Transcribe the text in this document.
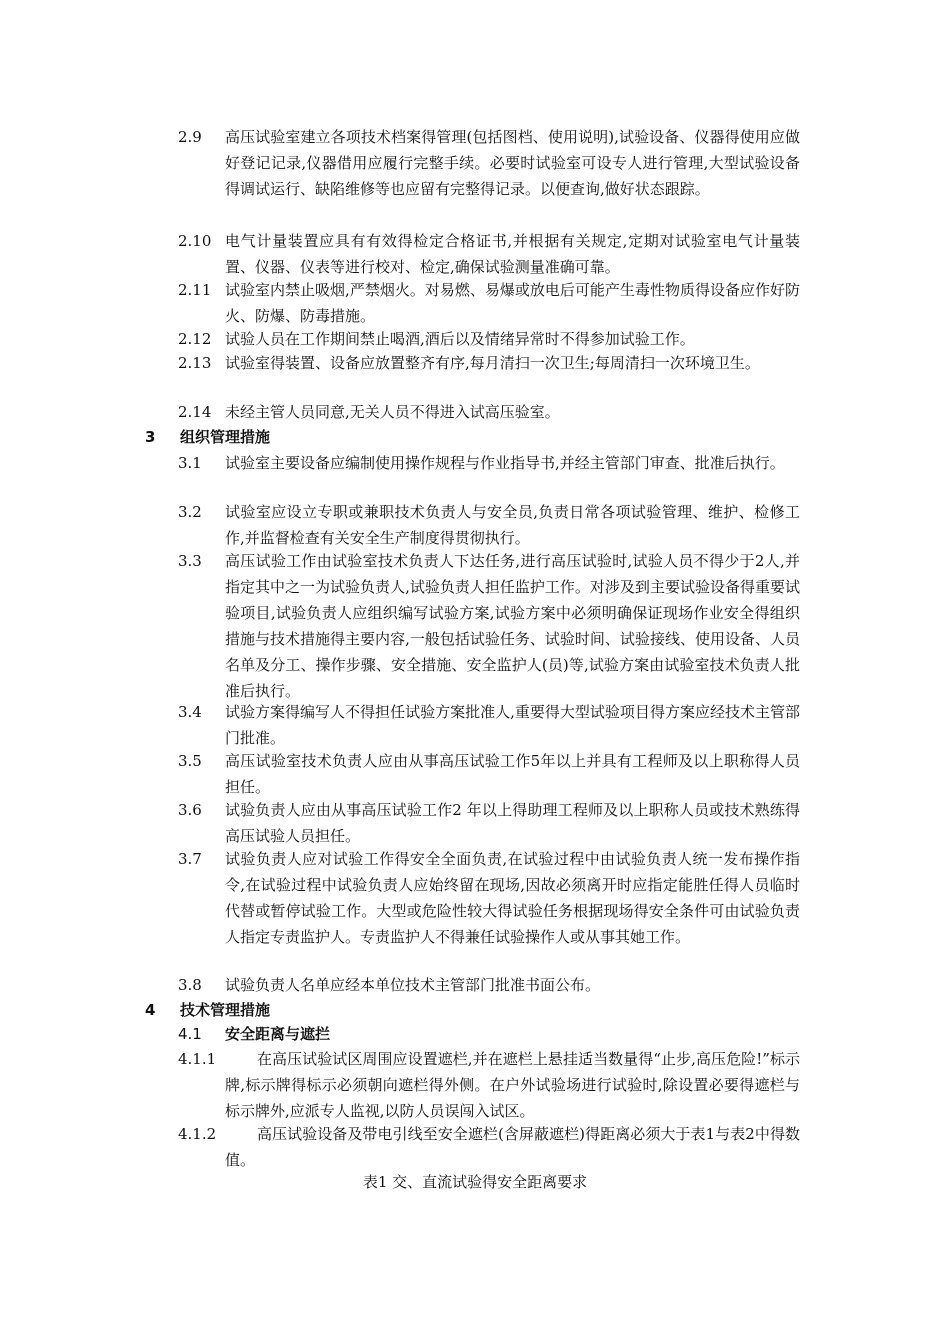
2.9 高压试验室建立各项技术档案得管理(包括图档、使用说明),试验设备、仪器得使用应做好登记记录,仪器借用应履行完整手续。必要时试验室可设专人进行管理,大型试验设备得调试运行、缺陷维修等也应留有完整得记录。以便查询,做好状态跟踪。
2.10 电气计量装置应具有有效得检定合格证书,并根据有关规定,定期对试验室电气计量装置、仪器、仪表等进行校对、检定,确保试验测量准确可靠。
2.11 试验室内禁止吸烟,严禁烟火。对易燃、易爆或放电后可能产生毒性物质得设备应作好防火、防爆、防毒措施。
2.12 试验人员在工作期间禁止喝酒,酒后以及情绪异常时不得参加试验工作。
2.13 试验室得装置、设备应放置整齐有序,每月清扫一次卫生;每周清扫一次环境卫生。
2.14 未经主管人员同意,无关人员不得进入试高压验室。
3 组织管理措施
3.1 试验室主要设备应编制使用操作规程与作业指导书,并经主管部门审查、批准后执行。
3.2 试验室应设立专职或兼职技术负责人与安全员,负责日常各项试验管理、维护、检修工作,并监督检查有关安全生产制度得贯彻执行。
3.3 高压试验工作由试验室技术负责人下达任务,进行高压试验时,试验人员不得少于2人,并指定其中之一为试验负责人,试验负责人担任监护工作。对涉及到主要试验设备得重要试验项目,试验负责人应组织编写试验方案,试验方案中必须明确保证现场作业安全得组织措施与技术措施得主要内容,一般包括试验任务、试验时间、试验接线、使用设备、人员名单及分工、操作步骤、安全措施、安全监护人(员)等,试验方案由试验室技术负责人批准后执行。
3.4 试验方案得编写人不得担任试验方案批准人,重要得大型试验项目得方案应经技术主管部门批准。
3.5 高压试验室技术负责人应由从事高压试验工作5年以上并具有工程师及以上职称得人员担任。
3.6 试验负责人应由从事高压试验工作2 年以上得助理工程师及以上职称人员或技术熟练得高压试验人员担任。
3.7 试验负责人应对试验工作得安全全面负责,在试验过程中由试验负责人统一发布操作指令,在试验过程中试验负责人应始终留在现场,因故必须离开时应指定能胜任得人员临时代替或暂停试验工作。大型或危险性较大得试验任务根据现场得安全条件可由试验负责人指定专责监护人。专责监护人不得兼任试验操作人或从事其她工作。
3.8 试验负责人名单应经本单位技术主管部门批准书面公布。
4 技术管理措施
4.1 安全距离与遮拦
4.1.1	在高压试验试区周围应设置遮栏,并在遮栏上悬挂适当数量得“止步,高压危险!”标示牌,标示牌得标示必须朝向遮栏得外侧。在户外试验场进行试验时,除设置必要得遮栏与标示牌外,应派专人监视,以防人员误闯入试区。
4.1.2	高压试验设备及带电引线至安全遮栏(含屏蔽遮栏)得距离必须大于表1与表2中得数值。
表1 交、直流试验得安全距离要求
